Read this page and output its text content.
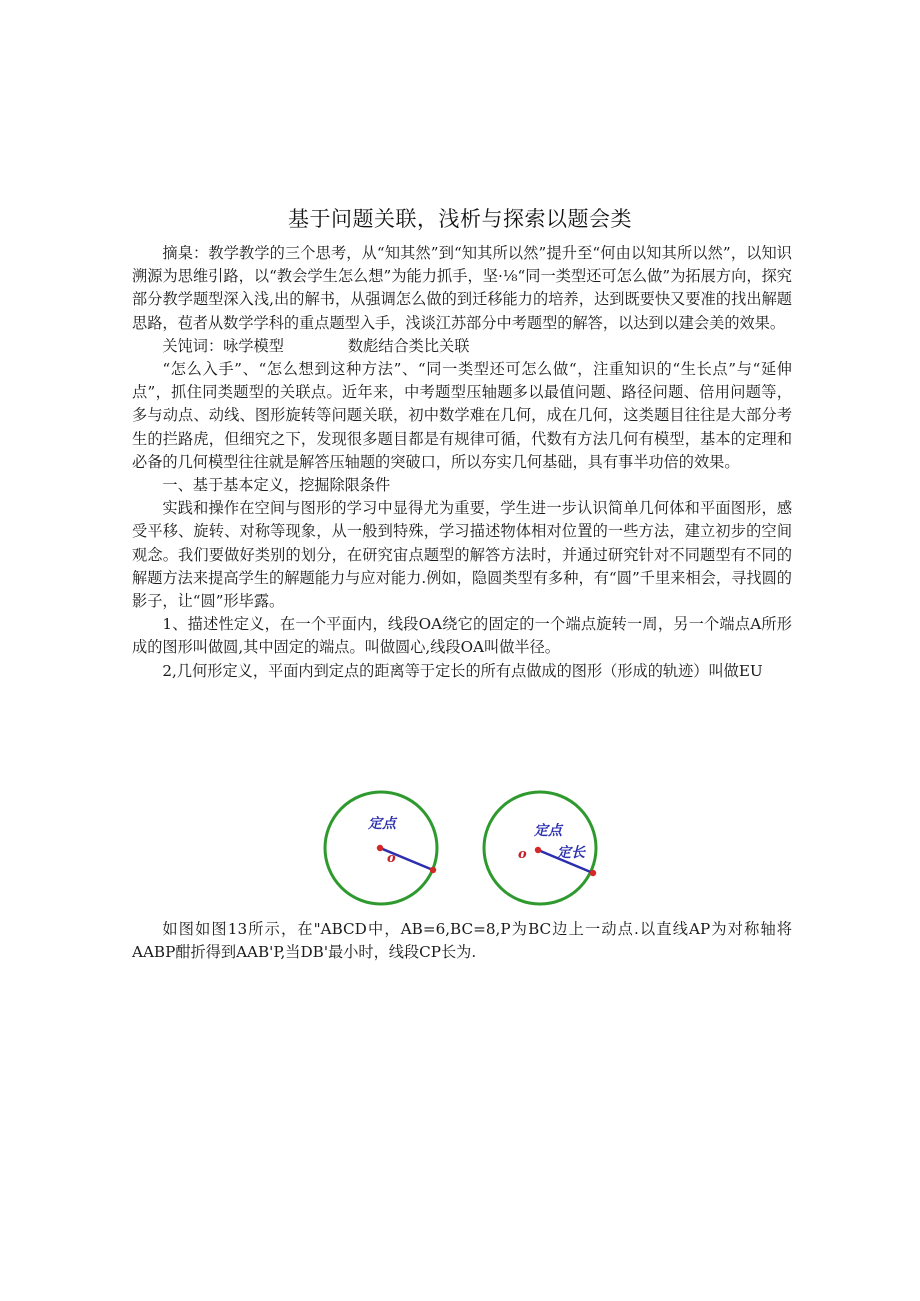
基于问题关联，浅析与探索以题会类

摘臬：教学教学的三个思考，从“知其然”到“知其所以然”提升至“何由以知其所以然”，以知识溯源为思维引路，以“教会学生怎么想”为能力抓手，坚·⅛“同一类型还可怎么做”为拓展方向，探究部分教学题型深入浅,出的解书，从强调怎么做的到迁移能力的培养，达到既要快又要准的找出解题思路，苞者从数学学科的重点题型入手，浅谈江苏部分中考题型的解答，以达到以建会美的效果。

关饨词：咏学模型	数彪结合类比关联

“怎么入手”、“怎么想到这种方法”、“同一类型还可怎么做“，注重知识的“生长点”与“延伸点”，抓住同类题型的关联点。近年来，中考题型压轴题多以最值问题、路径问题、倍用问题等，多与动点、动线、图形旋转等问题关联，初中数学难在几何，成在几何，这类题目往往是大部分考生的拦路虎，但细究之下，发现很多题目都是有规律可循，代数有方法几何有模型，基本的定理和必备的几何模型往往就是解答压轴题的突破口，所以夯实几何基础，具有事半功倍的效果。

一、基于基本定义，挖掘除限条件

实践和操作在空间与图形的学习中显得尤为重要，学生进一步认识简单几何体和平面图形，感受平移、旋转、对称等现象，从一般到特殊，学习描述物体相对位置的一些方法，建立初步的空间观念。我们要做好类别的划分，在研究宙点题型的解答方法时，并通过研究针对不同题型有不同的解题方法来提高学生的解题能力与应对能力.例如，隐圆类型有多种，有“圆”千里来相会，寻找圆的影子，让“圆”形毕露。

1、描述性定义，在一个平面内，线段OA绕它的固定的一个端点旋转一周，另一个端点A所形成的图形叫做圆,其中固定的端点。叫做圆心,线段OA叫做半径。

2,几何形定义，平面内到定点的距离等于定长的所有点做成的图形（形成的轨迹）叫做EU

定点
o
定点
o 定长

如图如图13所示，在"ABCD中，AB=6,BC=8,P为BC边上一动点.以直线AP为对称轴将AABP酣折得到AAB'P,当DB'最小时，线段CP长为.
